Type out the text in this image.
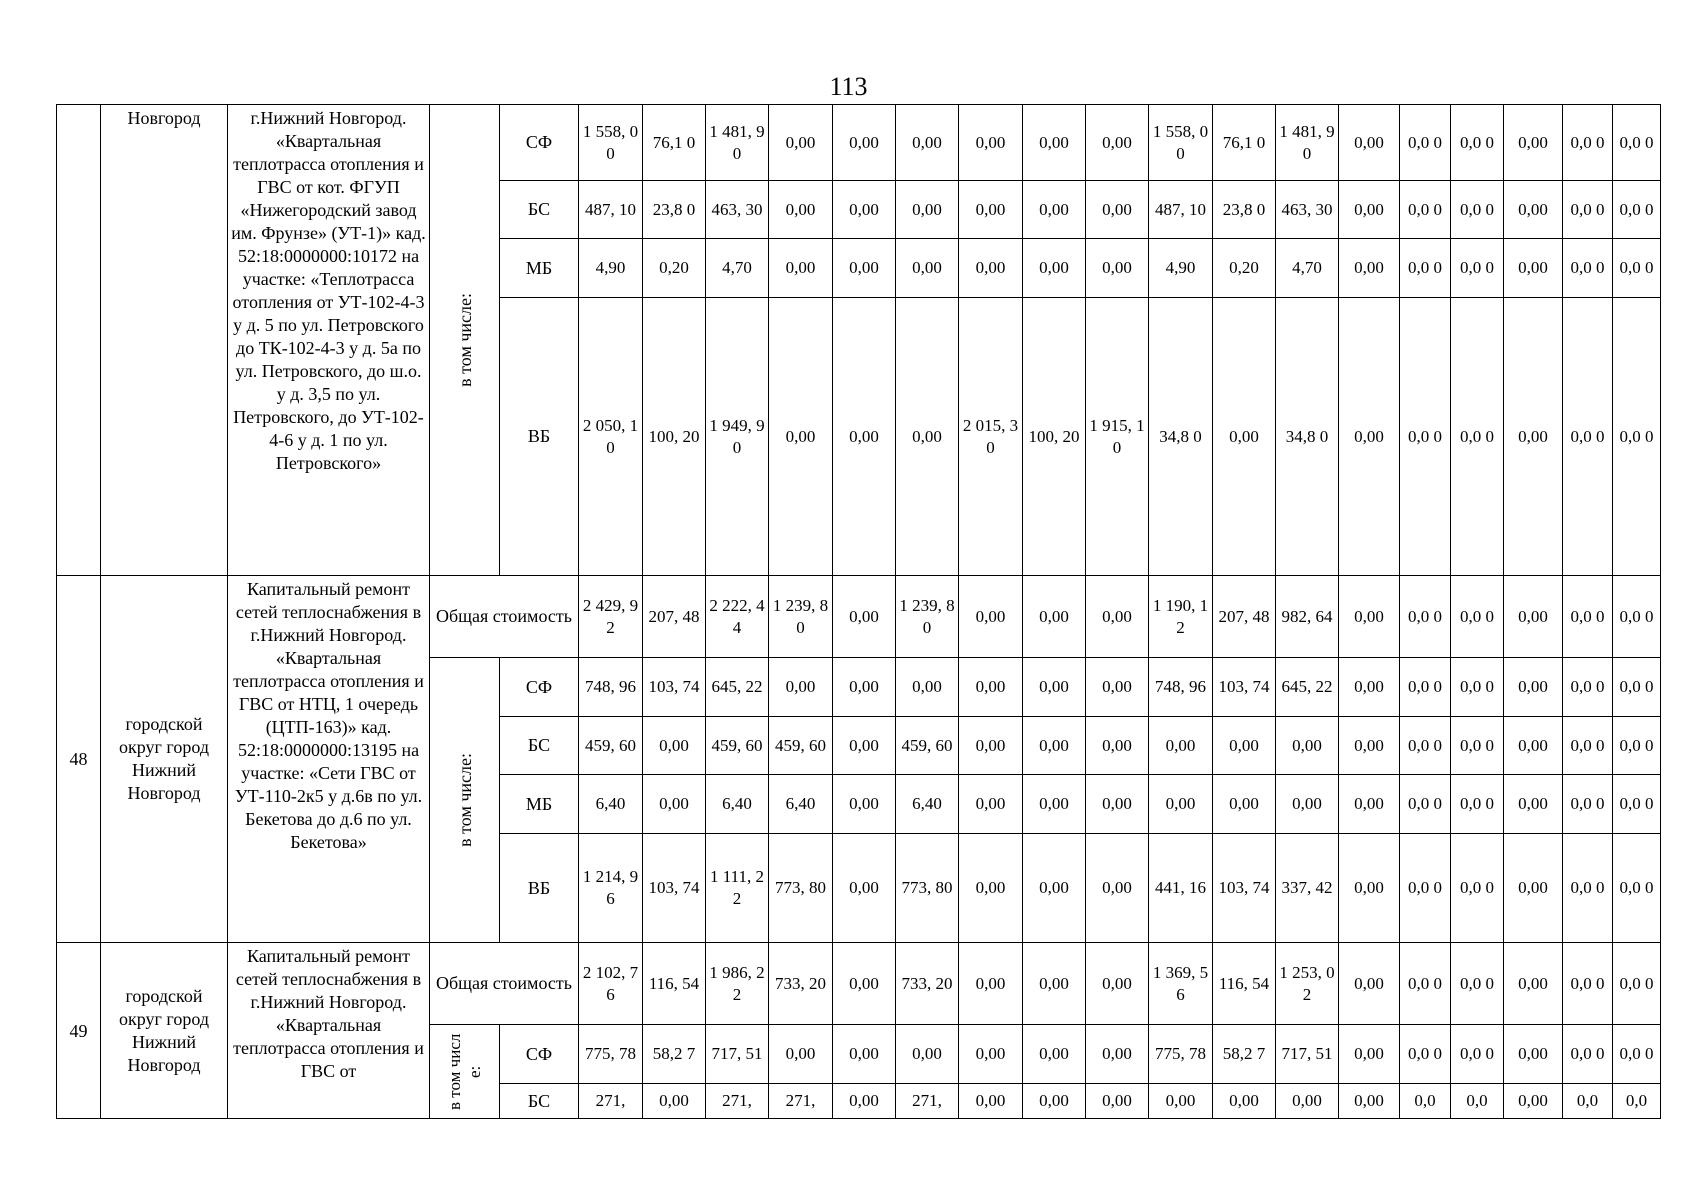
113
	Новгород	г.Нижний Новгород. «Квартальная теплотрасса отопления и ГВС от кот. ФГУП «Нижегородский завод им. Фрунзе» (УТ-1)» кад. 52:18:0000000:10172 на участке: «Теплотрасса отопления от УТ-102-4-3 у д. 5 по ул. Петровского до ТК-102-4-3 у д. 5а по ул. Петровского, до ш.о. у д. 3,5 по ул. Петровского, до УТ-102-4-6 у д. 1 по ул. Петровского»	в том числе:	СФ	1 558, 00	76,1 0	1 481, 90	0,00	0,00	0,00	0,00	0,00	0,00	1 558, 00	76,1 0	1 481, 90	0,00	0,0 0	0,0 0	0,00	0,0 0	0,0 0
				БС	487, 10	23,8 0	463, 30	0,00	0,00	0,00	0,00	0,00	0,00	487, 10	23,8 0	463, 30	0,00	0,0 0	0,0 0	0,00	0,0 0	0,0 0
				МБ	4,90	0,20	4,70	0,00	0,00	0,00	0,00	0,00	0,00	4,90	0,20	4,70	0,00	0,0 0	0,0 0	0,00	0,0 0	0,0 0
				ВБ	2 050, 10	100, 20	1 949, 90	0,00	0,00	0,00	2 015, 30	100, 20	1 915, 10	34,8 0	0,00	34,8 0	0,00	0,0 0	0,0 0	0,00	0,0 0	0,0 0
48	городской округ город Нижний Новгород	Капитальный ремонт сетей теплоснабжения в г.Нижний Новгород. «Квартальная теплотрасса отопления и ГВС от НТЦ, 1 очередь (ЦТП-163)» кад. 52:18:0000000:13195 на участке: «Сети ГВС от УТ-110-2к5 у д.6в по ул. Бекетова до д.6 по ул. Бекетова»	Общая стоимость		2 429, 92	207, 48	2 222, 44	1 239, 80	0,00	1 239, 80	0,00	0,00	0,00	1 190, 12	207, 48	982, 64	0,00	0,0 0	0,0 0	0,00	0,0 0	0,0 0

			в том числе:	СФ	748, 96	103, 74	645, 22	0,00	0,00	0,00	0,00	0,00	0,00	748, 96	103, 74	645, 22	0,00	0,0 0	0,0 0	0,00	0,0 0	0,0 0
				БС	459, 60	0,00	459, 60	459, 60	0,00	459, 60	0,00	0,00	0,00	0,00	0,00	0,00	0,00	0,0 0	0,0 0	0,00	0,0 0	0,0 0
				МБ	6,40	0,00	6,40	6,40	0,00	6,40	0,00	0,00	0,00	0,00	0,00	0,00	0,00	0,0 0	0,0 0	0,00	0,0 0	0,0 0
				ВБ	1 214, 96	103, 74	1 111, 22	773, 80	0,00	773, 80	0,00	0,00	0,00	441, 16	103, 74	337, 42	0,00	0,0 0	0,0 0	0,00	0,0 0	0,0 0
49	городской округ город Нижний Новгород	Капитальный ремонт сетей теплоснабжения в г.Нижний Новгород. «Квартальная теплотрасса отопления и ГВС от	Общая стоимость		2 102, 76	116, 54	1 986, 22	733, 20	0,00	733, 20	0,00	0,00	0,00	1 369, 56	116, 54	1 253, 02	0,00	0,0 0	0,0 0	0,00	0,0 0	0,0 0

			в том числе:	СФ	775, 78	58,2 7	717, 51	0,00	0,00	0,00	0,00	0,00	0,00	775, 78	58,2 7	717, 51	0,00	0,0 0	0,0 0	0,00	0,0 0	0,0 0
				БС	271,	0,00	271,	271,	0,00	271,	0,00	0,00	0,00	0,00	0,00	0,00	0,00	0,0	0,0	0,00	0,0	0,0
